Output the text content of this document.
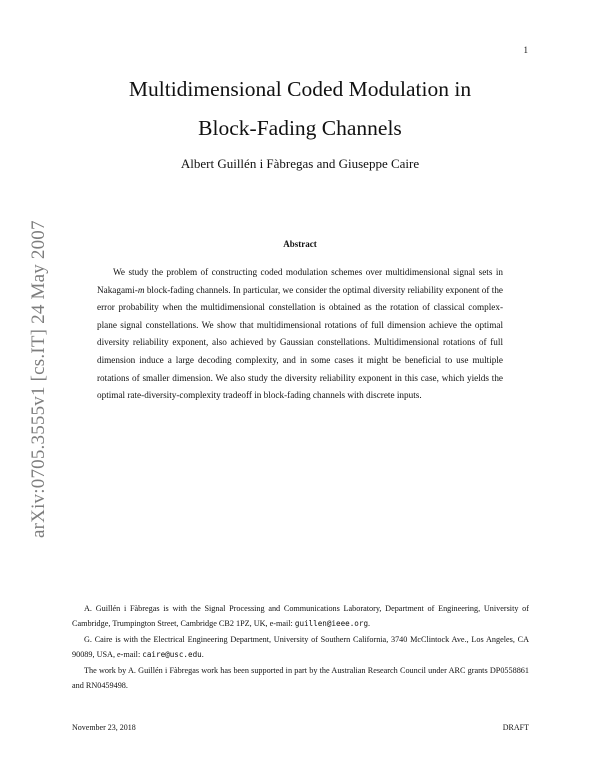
1
Multidimensional Coded Modulation in
Block-Fading Channels
Albert Guillén i Fàbregas and Giuseppe Caire
arXiv:0705.3555v1 [cs.IT] 24 May 2007	Abstract

We study the problem of constructing coded modulation schemes over multidimensional signal sets in Nakagami-m block-fading channels. In particular, we consider the optimal diversity reliability exponent of the error probability when the multidimensional constellation is obtained as the rotation of classical complex-plane signal constellations. We show that multidimensional rotations of full dimension achieve the optimal diversity reliability exponent, also achieved by Gaussian constellations. Multidimensional rotations of full dimension induce a large decoding complexity, and in some cases it might be beneficial to use multiple rotations of smaller dimension. We also study the diversity reliability exponent in this case, which yields the optimal rate-diversity-complexity tradeoff in block-fading channels with discrete inputs.

A. Guillén i Fàbregas is with the Signal Processing and Communications Laboratory, Department of Engineering, University of Cambridge, Trumpington Street, Cambridge CB2 1PZ, UK, e-mail: guillen@ieee.org.

G. Caire is with the Electrical Engineering Department, University of Southern California, 3740 McClintock Ave., Los Angeles, CA 90089, USA, e-mail: caire@usc.edu.

The work by A. Guillén i Fàbregas work has been supported in part by the Australian Research Council under ARC grants DP0558861 and RN0459498.

November 23, 2018	DRAFT
